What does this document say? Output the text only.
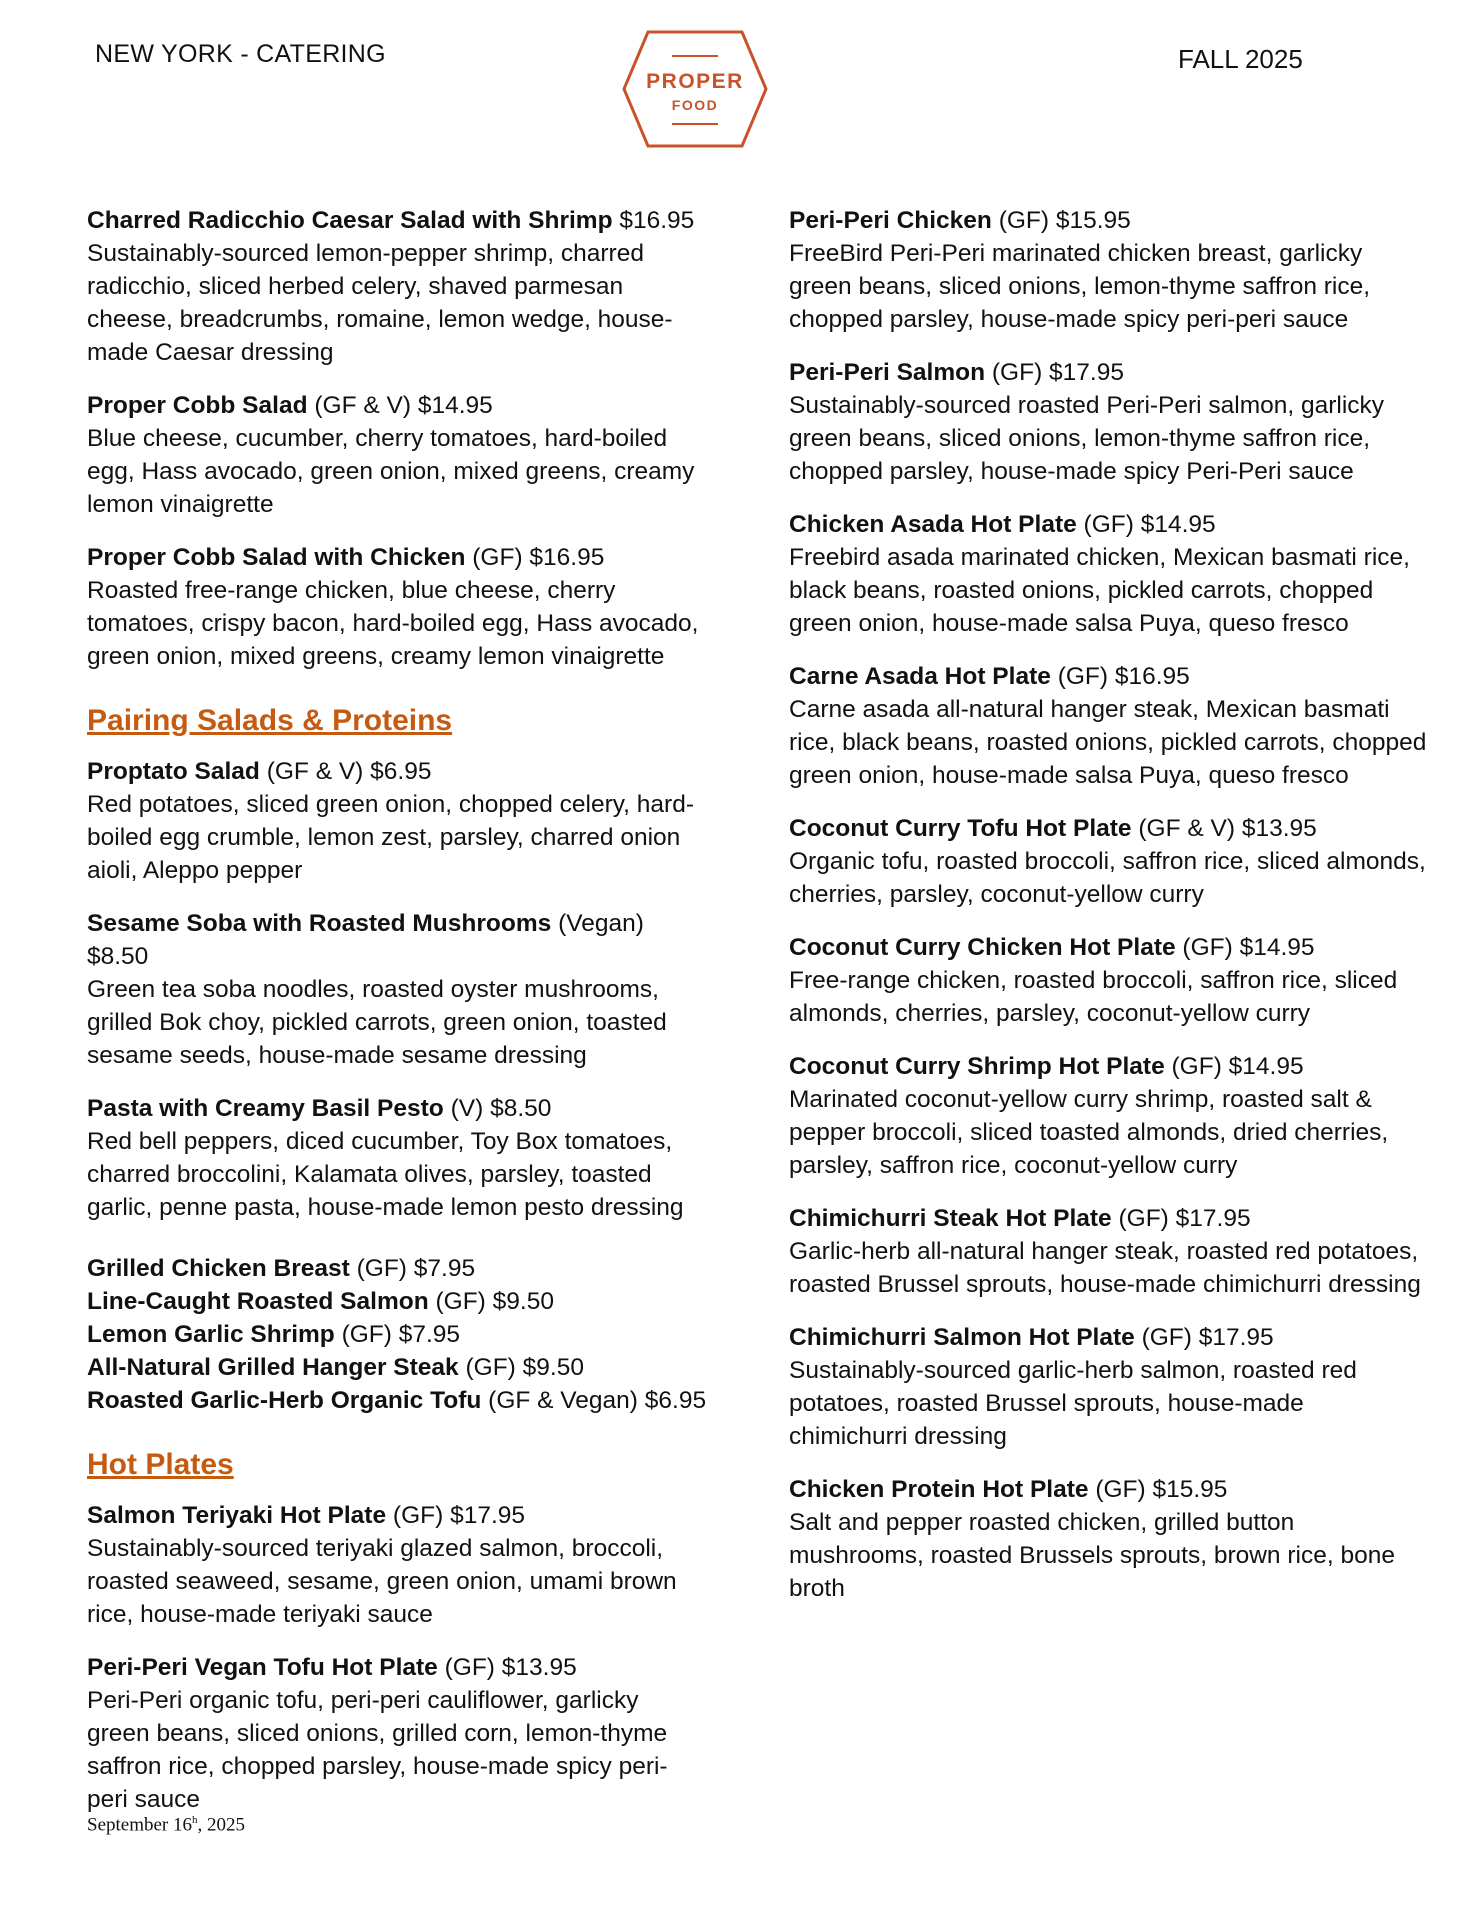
NEW YORK - CATERING
PROPER
FOOD
FALL 2025
Charred Radicchio Caesar Salad with Shrimp $16.95
Sustainably-sourced lemon-pepper shrimp, charred radicchio, sliced herbed celery, shaved parmesan cheese, breadcrumbs, romaine, lemon wedge, house-made Caesar dressing
Proper Cobb Salad (GF & V) $14.95
Blue cheese, cucumber, cherry tomatoes, hard-boiled egg, Hass avocado, green onion, mixed greens, creamy lemon vinaigrette
Proper Cobb Salad with Chicken (GF) $16.95
Roasted free-range chicken, blue cheese, cherry tomatoes, crispy bacon, hard-boiled egg, Hass avocado, green onion, mixed greens, creamy lemon vinaigrette
Pairing Salads & Proteins
Proptato Salad (GF & V) $6.95
Red potatoes, sliced green onion, chopped celery, hard-boiled egg crumble, lemon zest, parsley, charred onion aioli, Aleppo pepper
Sesame Soba with Roasted Mushrooms (Vegan) $8.50
Green tea soba noodles, roasted oyster mushrooms, grilled Bok choy, pickled carrots, green onion, toasted sesame seeds, house-made sesame dressing
Pasta with Creamy Basil Pesto (V) $8.50
Red bell peppers, diced cucumber, Toy Box tomatoes, charred broccolini, Kalamata olives, parsley, toasted garlic, penne pasta, house-made lemon pesto dressing
Grilled Chicken Breast (GF) $7.95
Line-Caught Roasted Salmon (GF) $9.50
Lemon Garlic Shrimp (GF) $7.95
All-Natural Grilled Hanger Steak (GF) $9.50
Roasted Garlic-Herb Organic Tofu (GF & Vegan) $6.95
Hot Plates
Salmon Teriyaki Hot Plate (GF) $17.95
Sustainably-sourced teriyaki glazed salmon, broccoli, roasted seaweed, sesame, green onion, umami brown rice, house-made teriyaki sauce
Peri-Peri Vegan Tofu Hot Plate (GF) $13.95
Peri-Peri organic tofu, peri-peri cauliflower, garlicky green beans, sliced onions, grilled corn, lemon-thyme saffron rice, chopped parsley, house-made spicy peri-peri sauce
Peri-Peri Chicken (GF) $15.95
FreeBird Peri-Peri marinated chicken breast, garlicky green beans, sliced onions, lemon-thyme saffron rice, chopped parsley, house-made spicy peri-peri sauce
Peri-Peri Salmon (GF) $17.95
Sustainably-sourced roasted Peri-Peri salmon, garlicky green beans, sliced onions, lemon-thyme saffron rice, chopped parsley, house-made spicy Peri-Peri sauce
Chicken Asada Hot Plate (GF) $14.95
Freebird asada marinated chicken, Mexican basmati rice, black beans, roasted onions, pickled carrots, chopped green onion, house-made salsa Puya, queso fresco
Carne Asada Hot Plate (GF) $16.95
Carne asada all-natural hanger steak, Mexican basmati rice, black beans, roasted onions, pickled carrots, chopped green onion, house-made salsa Puya, queso fresco
Coconut Curry Tofu Hot Plate (GF & V) $13.95
Organic tofu, roasted broccoli, saffron rice, sliced almonds, cherries, parsley, coconut-yellow curry
Coconut Curry Chicken Hot Plate (GF) $14.95
Free-range chicken, roasted broccoli, saffron rice, sliced almonds, cherries, parsley, coconut-yellow curry
Coconut Curry Shrimp Hot Plate (GF) $14.95
Marinated coconut-yellow curry shrimp, roasted salt & pepper broccoli, sliced toasted almonds, dried cherries, parsley, saffron rice, coconut-yellow curry
Chimichurri Steak Hot Plate (GF) $17.95
Garlic-herb all-natural hanger steak, roasted red potatoes, roasted Brussel sprouts, house-made chimichurri dressing
Chimichurri Salmon Hot Plate (GF) $17.95
Sustainably-sourced garlic-herb salmon, roasted red potatoes, roasted Brussel sprouts, house-made chimichurri dressing
Chicken Protein Hot Plate (GF) $15.95
Salt and pepper roasted chicken, grilled button mushrooms, roasted Brussels sprouts, brown rice, bone broth
September 16$^h$, 2025
